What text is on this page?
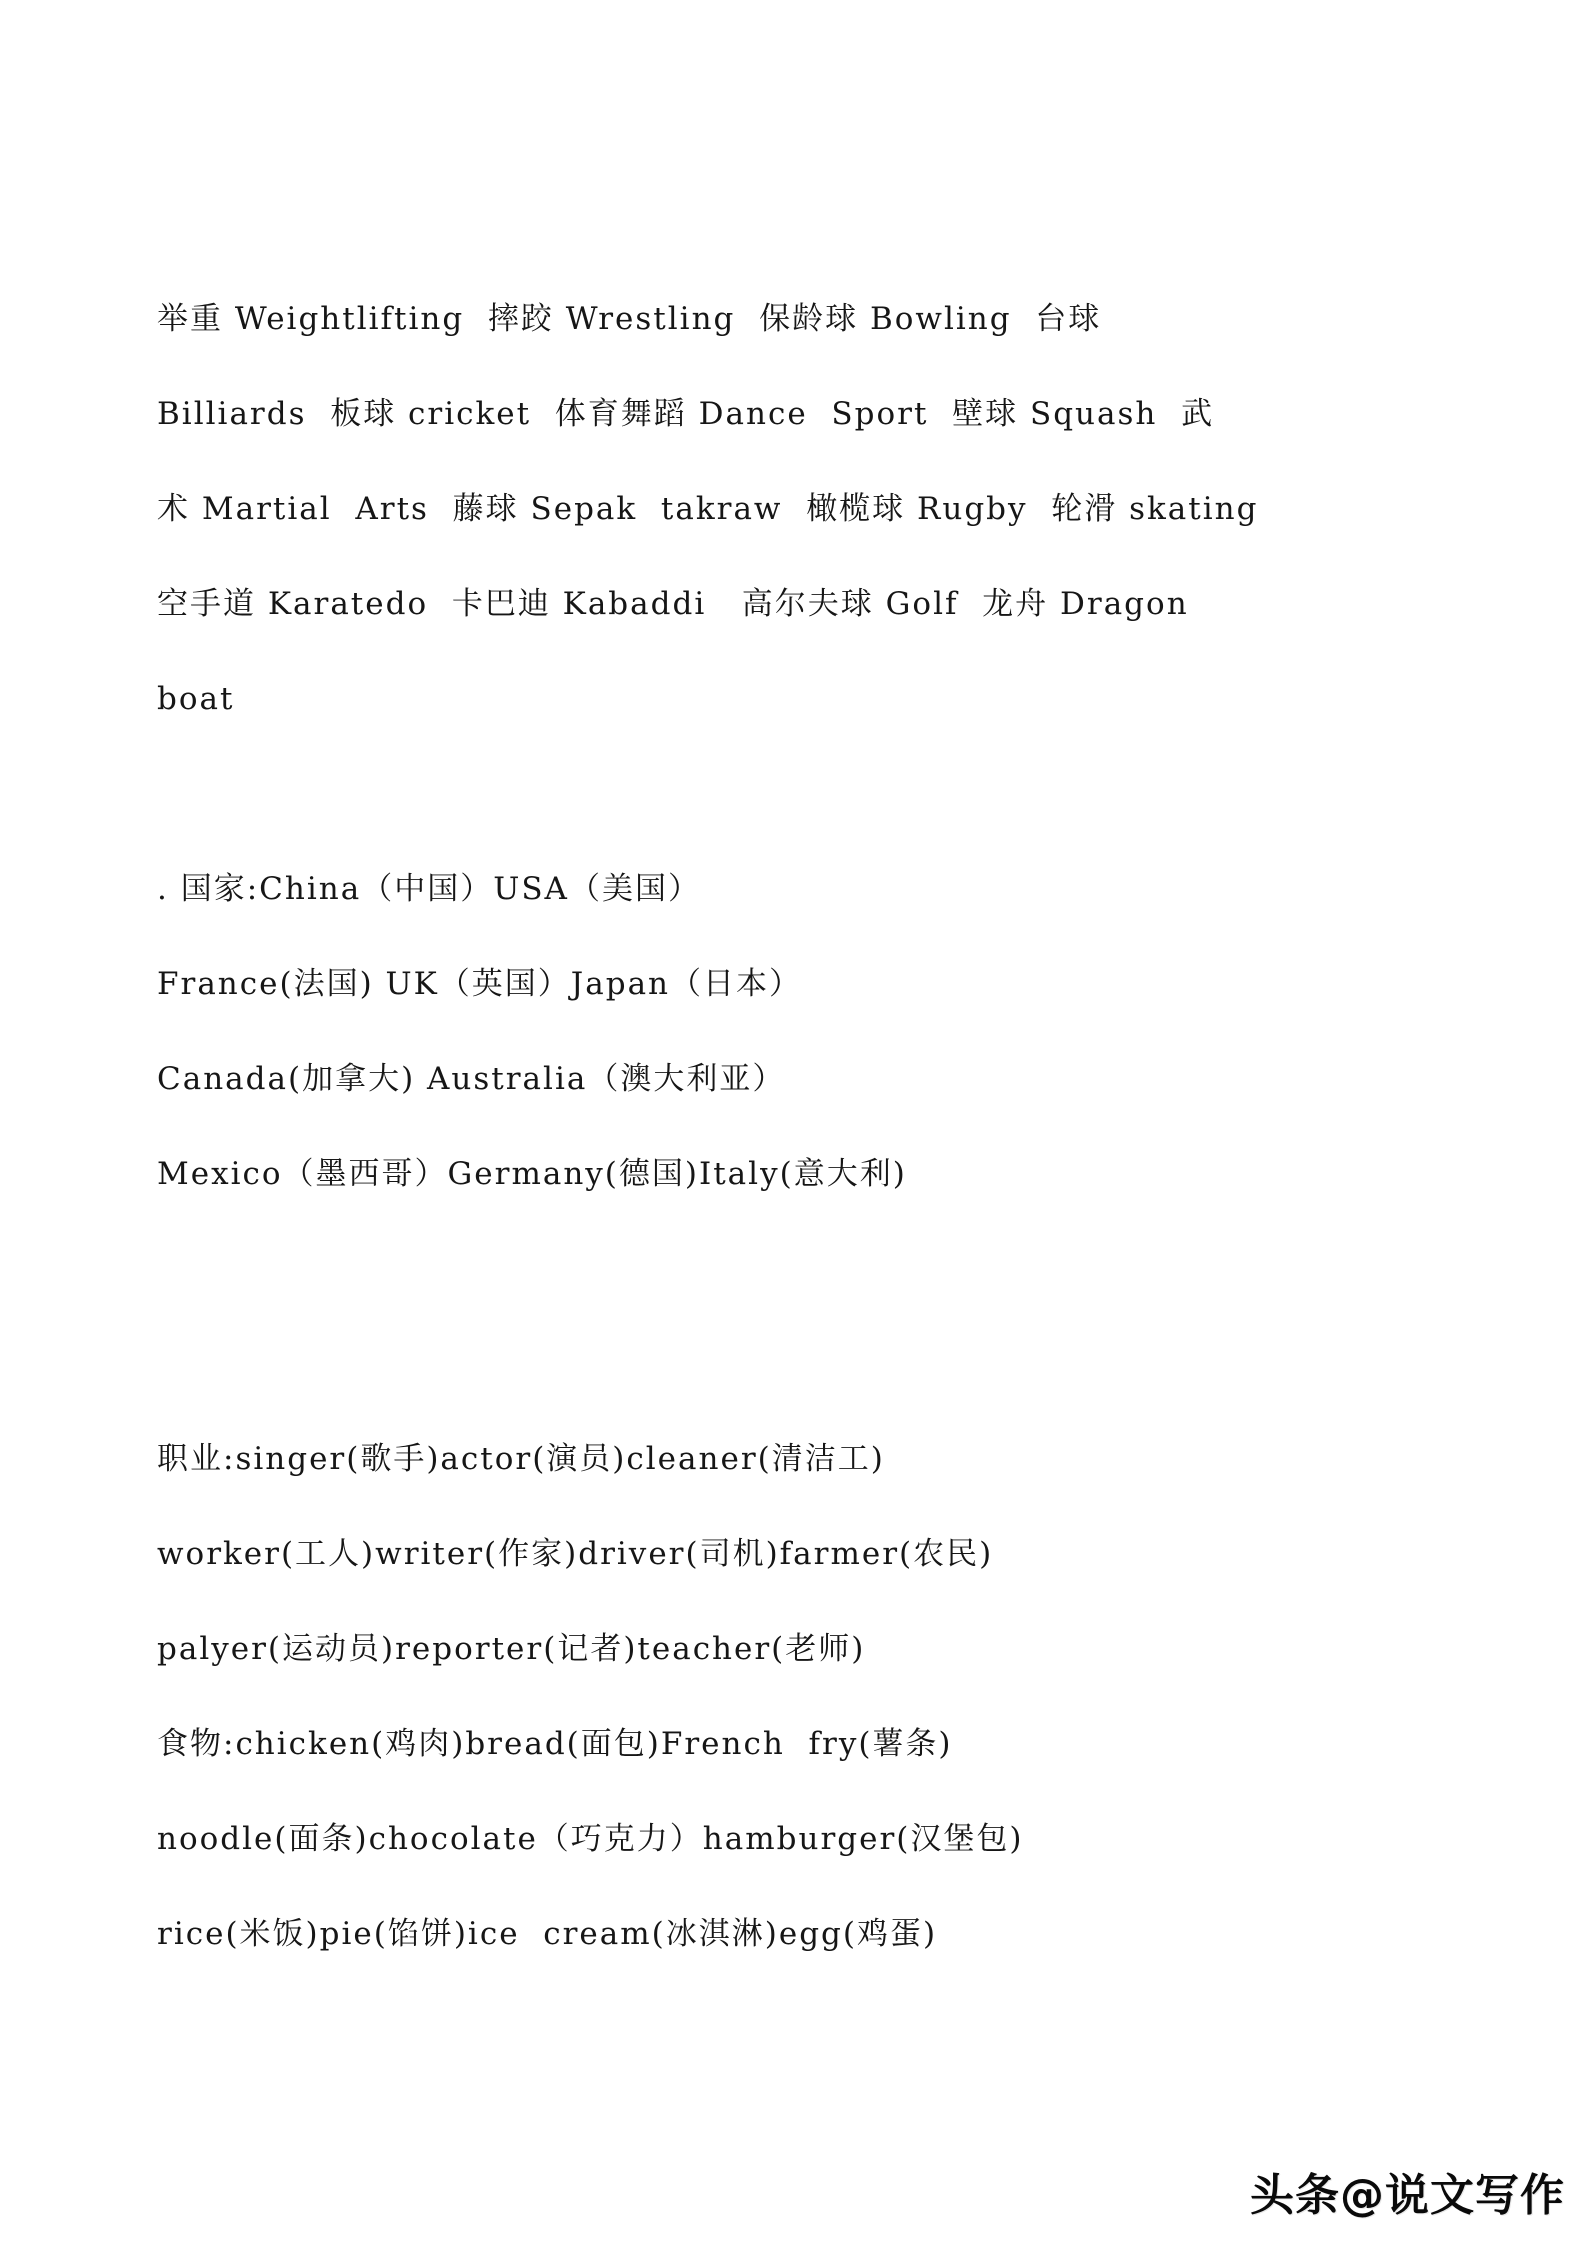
举重 Weightlifting  摔跤 Wrestling  保龄球 Bowling  台球
Billiards  板球 cricket  体育舞蹈 Dance  Sport  壁球 Squash  武
术 Martial  Arts  藤球 Sepak  takraw  橄榄球 Rugby  轮滑 skating
空手道 Karatedo  卡巴迪 Kabaddi   高尔夫球 Golf  龙舟 Dragon
boat

. 国家:China（中国）USA（美国）
France(法国) UK（英国）Japan（日本）
Canada(加拿大) Australia（澳大利亚）
Mexico（墨西哥）Germany(德国)Italy(意大利)

职业:singer(歌手)actor(演员)cleaner(清洁工)
worker(工人)writer(作家)driver(司机)farmer(农民)
palyer(运动员)reporter(记者)teacher(老师)
食物:chicken(鸡肉)bread(面包)French  fry(薯条)
noodle(面条)chocolate（巧克力）hamburger(汉堡包)
rice(米饭)pie(馅饼)ice  cream(冰淇淋)egg(鸡蛋)
头条@说文写作
